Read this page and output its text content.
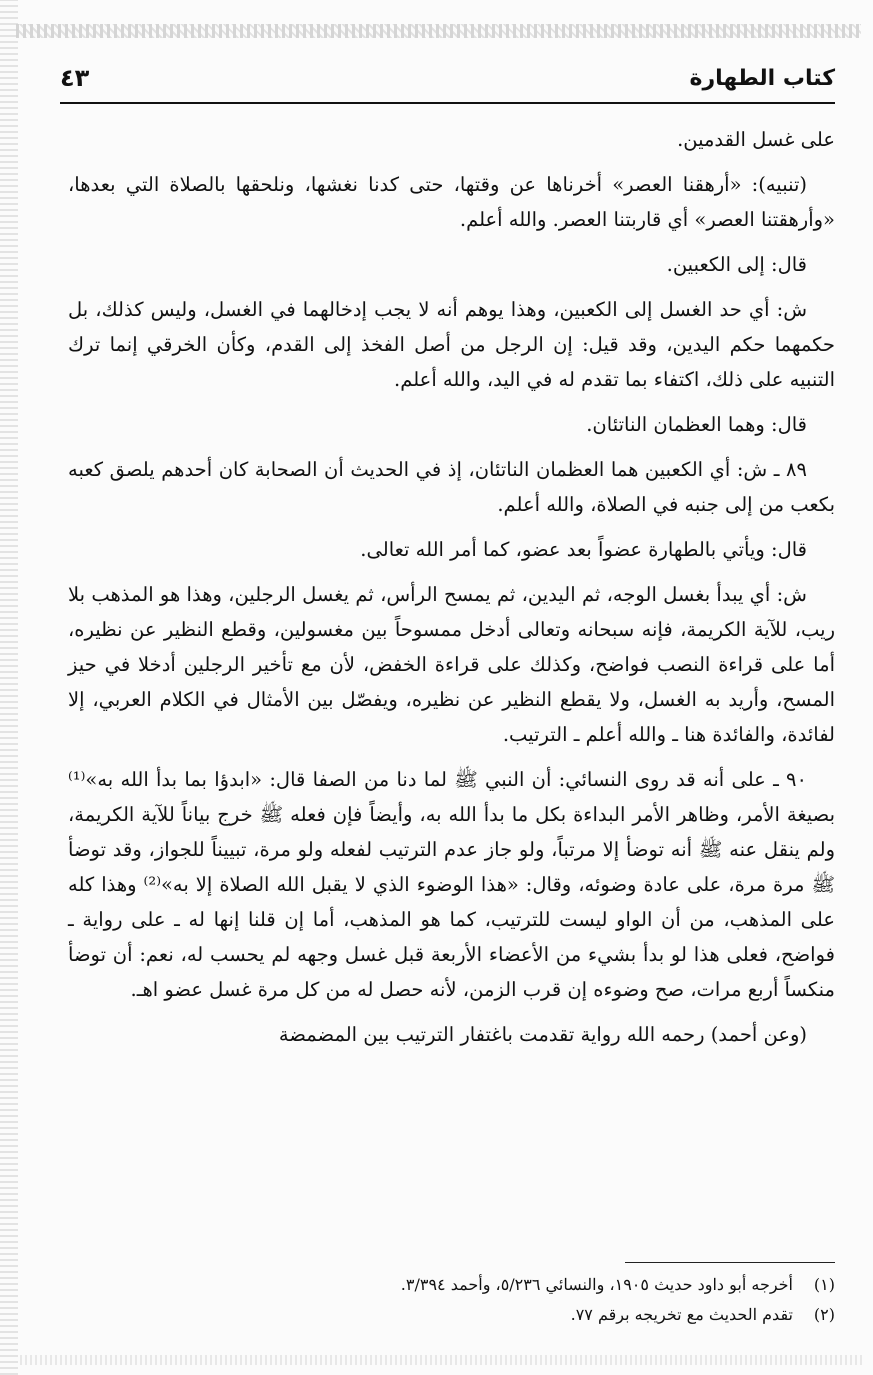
كتاب الطهارة
٤٣

على غسل القدمين.

(تنبيه): «أرهقنا العصر» أخرناها عن وقتها، حتى كدنا نغشها، ونلحقها بالصلاة التي بعدها، «وأرهقتنا العصر» أي قاربتنا العصر. والله أعلم.

قال: إلى الكعبين.

ش: أي حد الغسل إلى الكعبين، وهذا يوهم أنه لا يجب إدخالهما في الغسل، وليس كذلك، بل حكمهما حكم اليدين، وقد قيل: إن الرجل من أصل الفخذ إلى القدم، وكأن الخرقي إنما ترك التنبيه على ذلك، اكتفاء بما تقدم له في اليد، والله أعلم.

قال: وهما العظمان الناتئان.

٨٩ ـ ش: أي الكعبين هما العظمان الناتئان، إذ في الحديث أن الصحابة كان أحدهم يلصق كعبه بكعب من إلى جنبه في الصلاة، والله أعلم.

قال: ويأتي بالطهارة عضواً بعد عضو، كما أمر الله تعالى.

ش: أي يبدأ بغسل الوجه، ثم اليدين، ثم يمسح الرأس، ثم يغسل الرجلين، وهذا هو المذهب بلا ريب، للآية الكريمة، فإنه سبحانه وتعالى أدخل ممسوحاً بين مغسولين، وقطع النظير عن نظيره، أما على قراءة النصب فواضح، وكذلك على قراءة الخفض، لأن مع تأخير الرجلين أدخلا في حيز المسح، وأريد به الغسل، ولا يقطع النظير عن نظيره، ويفصّل بين الأمثال في الكلام العربي، إلا لفائدة، والفائدة هنا ـ والله أعلم ـ الترتيب.

٩٠ ـ على أنه قد روى النسائي: أن النبي ﷺ لما دنا من الصفا قال: «ابدؤا بما بدأ الله به»⁽¹⁾ بصيغة الأمر، وظاهر الأمر البداءة بكل ما بدأ الله به، وأيضاً فإن فعله ﷺ خرج بياناً للآية الكريمة، ولم ينقل عنه ﷺ أنه توضأ إلا مرتباً، ولو جاز عدم الترتيب لفعله ولو مرة، تبييناً للجواز، وقد توضأ ﷺ مرة مرة، على عادة وضوئه، وقال: «هذا الوضوء الذي لا يقبل الله الصلاة إلا به»⁽²⁾ وهذا كله على المذهب، من أن الواو ليست للترتيب، كما هو المذهب، أما إن قلنا إنها له ـ على رواية ـ فواضح، فعلى هذا لو بدأ بشيء من الأعضاء الأربعة قبل غسل وجهه لم يحسب له، نعم: أن توضأ منكساً أربع مرات، صح وضوءه إن قرب الزمن، لأنه حصل له من كل مرة غسل عضو اهـ.

(وعن أحمد) رحمه الله رواية تقدمت باغتفار الترتيب بين المضمضة

(١)
أخرجه أبو داود حديث ١٩٠٥، والنسائي ٥/٢٣٦، وأحمد ٣/٣٩٤.
(٢)
تقدم الحديث مع تخريجه برقم ٧٧.
